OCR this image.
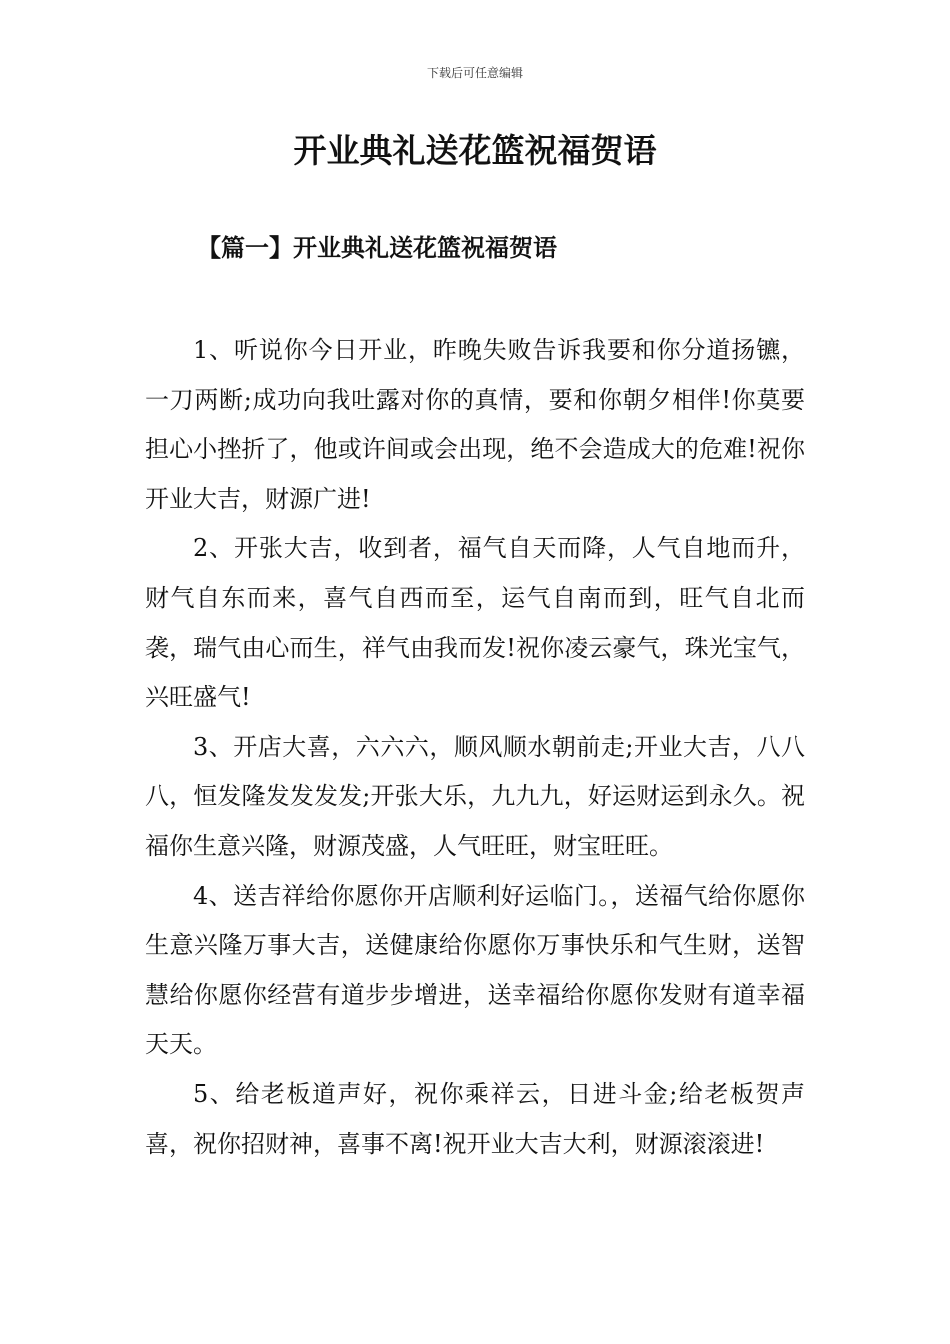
下载后可任意编辑
开业典礼送花篮祝福贺语
【篇一】开业典礼送花篮祝福贺语

1、听说你今日开业，昨晚失败告诉我要和你分道扬镳，一刀两断;成功向我吐露对你的真情，要和你朝夕相伴!你莫要担心小挫折了，他或许间或会出现，绝不会造成大的危难!祝你开业大吉，财源广进!

2、开张大吉，收到者，福气自天而降，人气自地而升，财气自东而来，喜气自西而至，运气自南而到，旺气自北而袭，瑞气由心而生，祥气由我而发!祝你凌云豪气，珠光宝气，兴旺盛气!

3、开店大喜，六六六，顺风顺水朝前走;开业大吉，八八八，恒发隆发发发发;开张大乐，九九九，好运财运到永久。祝福你生意兴隆，财源茂盛，人气旺旺，财宝旺旺。

4、送吉祥给你愿你开店顺利好运临门。，送福气给你愿你生意兴隆万事大吉，送健康给你愿你万事快乐和气生财，送智慧给你愿你经营有道步步增进，送幸福给你愿你发财有道幸福天天。

5、给老板道声好，祝你乘祥云，日进斗金;给老板贺声喜，祝你招财神，喜事不离!祝开业大吉大利，财源滚滚进!
